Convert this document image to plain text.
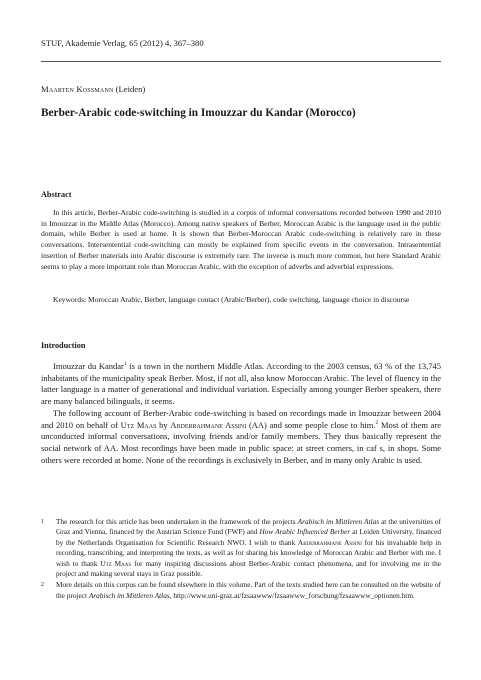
STUF, Akademie Verlag, 65 (2012) 4, 367–380
Maarten Kossmann (Leiden)
Berber-Arabic code-switching in Imouzzar du Kandar (Morocco)
Abstract

In this article, Berber-Arabic code-switching is studied in a corpus of informal conversations recorded between 1990 and 2010 in Imouzzar in the Middle Atlas (Morocco). Among native speakers of Berber, Moroccan Arabic is the language used in the public domain, while Berber is used at home. It is shown that Berber-Moroccan Arabic code-switching is relatively rare in these conversations. Intersentential code-switching can mostly be explained from specific events in the conversation. Intrasentential insertion of Berber materials into Arabic discourse is extremely rare. The inverse is much more common, but here Standard Arabic seems to play a more important role than Moroccan Arabic, with the exception of adverbs and adverbial expressions.

Keywords: Moroccan Arabic, Berber, language contact (Arabic/Berber), code switching, language choice in discourse
Introduction

Imouzzar du Kandar$^1$ is a town in the northern Middle Atlas. According to the 2003 census, 63 % of the 13,745 inhabitants of the municipality speak Berber. Most, if not all, also know Moroccan Arabic. The level of fluency in the latter language is a matter of generational and individual variation. Especially among younger Berber speakers, there are many balanced bilinguals, it seems.

The following account of Berber-Arabic code-switching is based on recordings made in Imouzzar between 2004 and 2010 on behalf of Utz Maas by Abderrahmane Assini (AA) and some people close to him.$^2$ Most of them are unconducted informal conversations, involving friends and/or family members. They thus basically represent the social network of AA. Most recordings have been made in public space: at street corners, in caf s, in shops. Some others were recorded at home. None of the recordings is exclusively in Berber, and in many only Arabic is used.

1 The research for this article has been undertaken in the framework of the projects Arabisch im Mittleren Atlas at the universities of Graz and Vienna, financed by the Austrian Science Fund (FWF) and How Arabic Influenced Berber at Leiden University, financed by the Netherlands Organisation for Scientific Research NWO. I wish to thank Abderrahmane Assini for his invaluable help in recording, transcribing, and interpreting the texts, as well as for sharing his knowledge of Moroccan Arabic and Berber with me. I wish to thank Utz Maas for many inspiring discussions about Berber-Arabic contact phenomena, and for involving me in the project and making several stays in Graz possible.
2 More details on this corpus can be found elsewhere in this volume. Part of the texts studied here can be consulted on the website of the project Arabisch im Mittleren Atlas, http://www.uni-graz.at/fzsaawww/fzsaawww_forschung/fzsaawww_optionen.htm.
